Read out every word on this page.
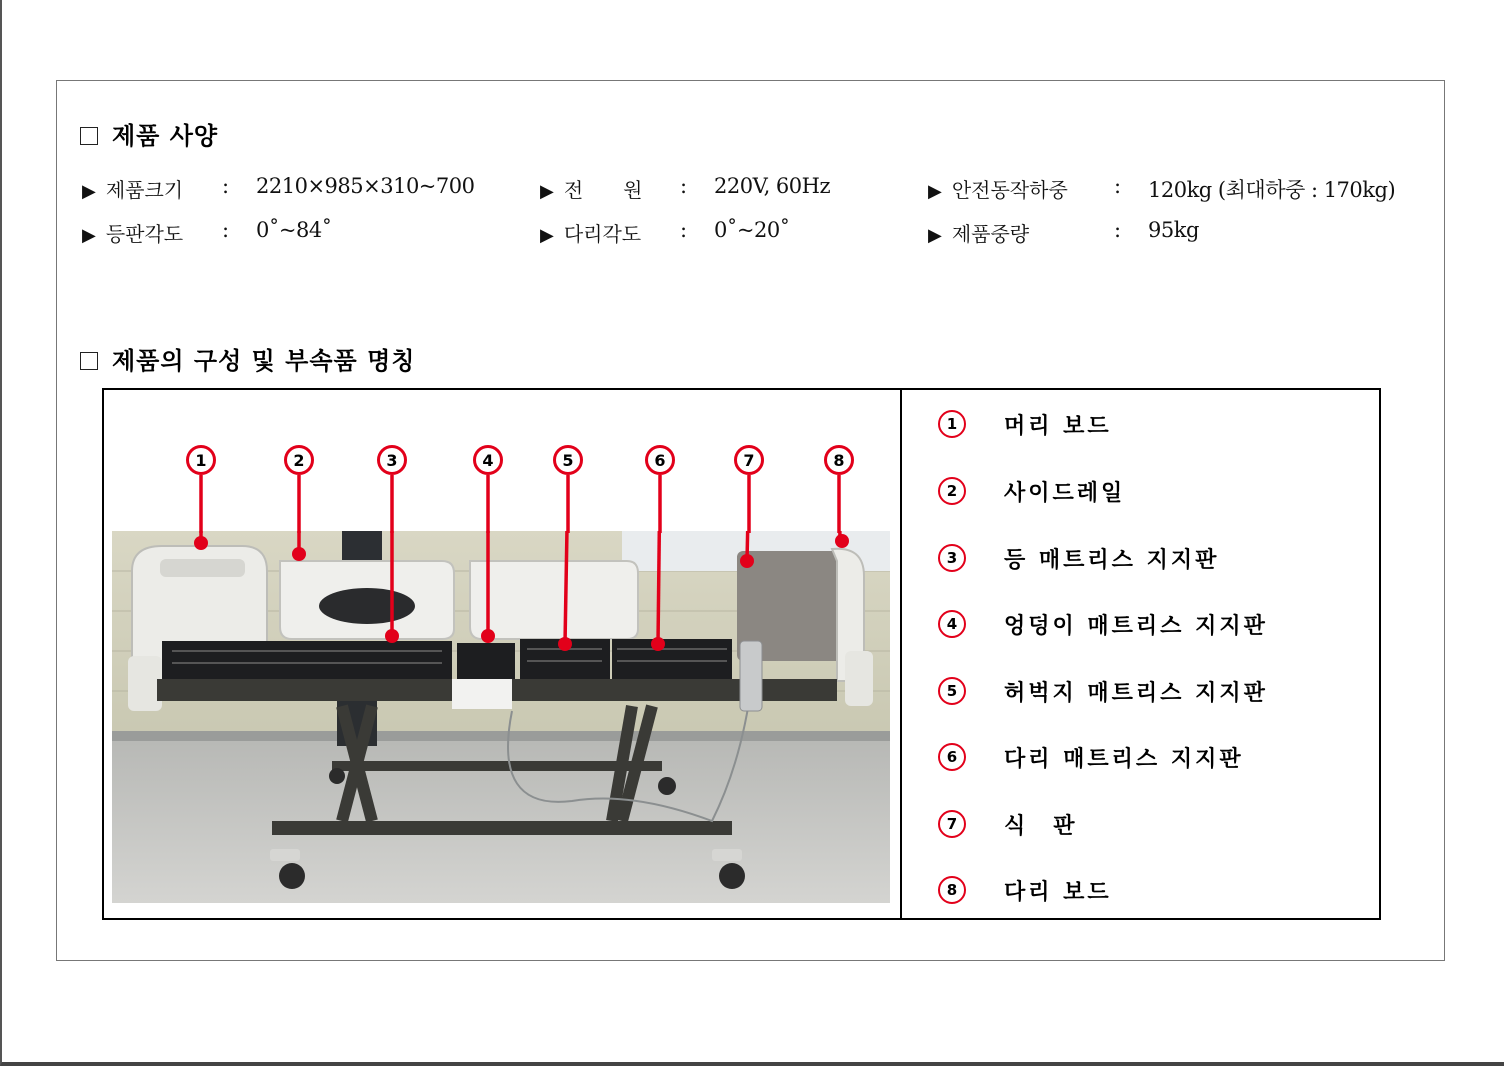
제품 사양
▶ 제품크기 : 2210×985×310~700	▶ 전　　원 : 220V, 60Hz	▶ 안전동작하중 : 120kg (최대하중 : 170kg)
▶ 등판각도 : 0˚~84˚	▶ 다리각도 : 0˚~20˚	▶ 제품중량	: 95kg
제품의 구성 및 부속품 명칭
1	2	3	4	5	6	7	8
1	머리 보드
2	사이드레일
3	등 매트리스 지지판
4	엉덩이 매트리스 지지판
5	허벅지 매트리스 지지판
6	다리 매트리스 지지판
7	식　판
8	다리 보드
